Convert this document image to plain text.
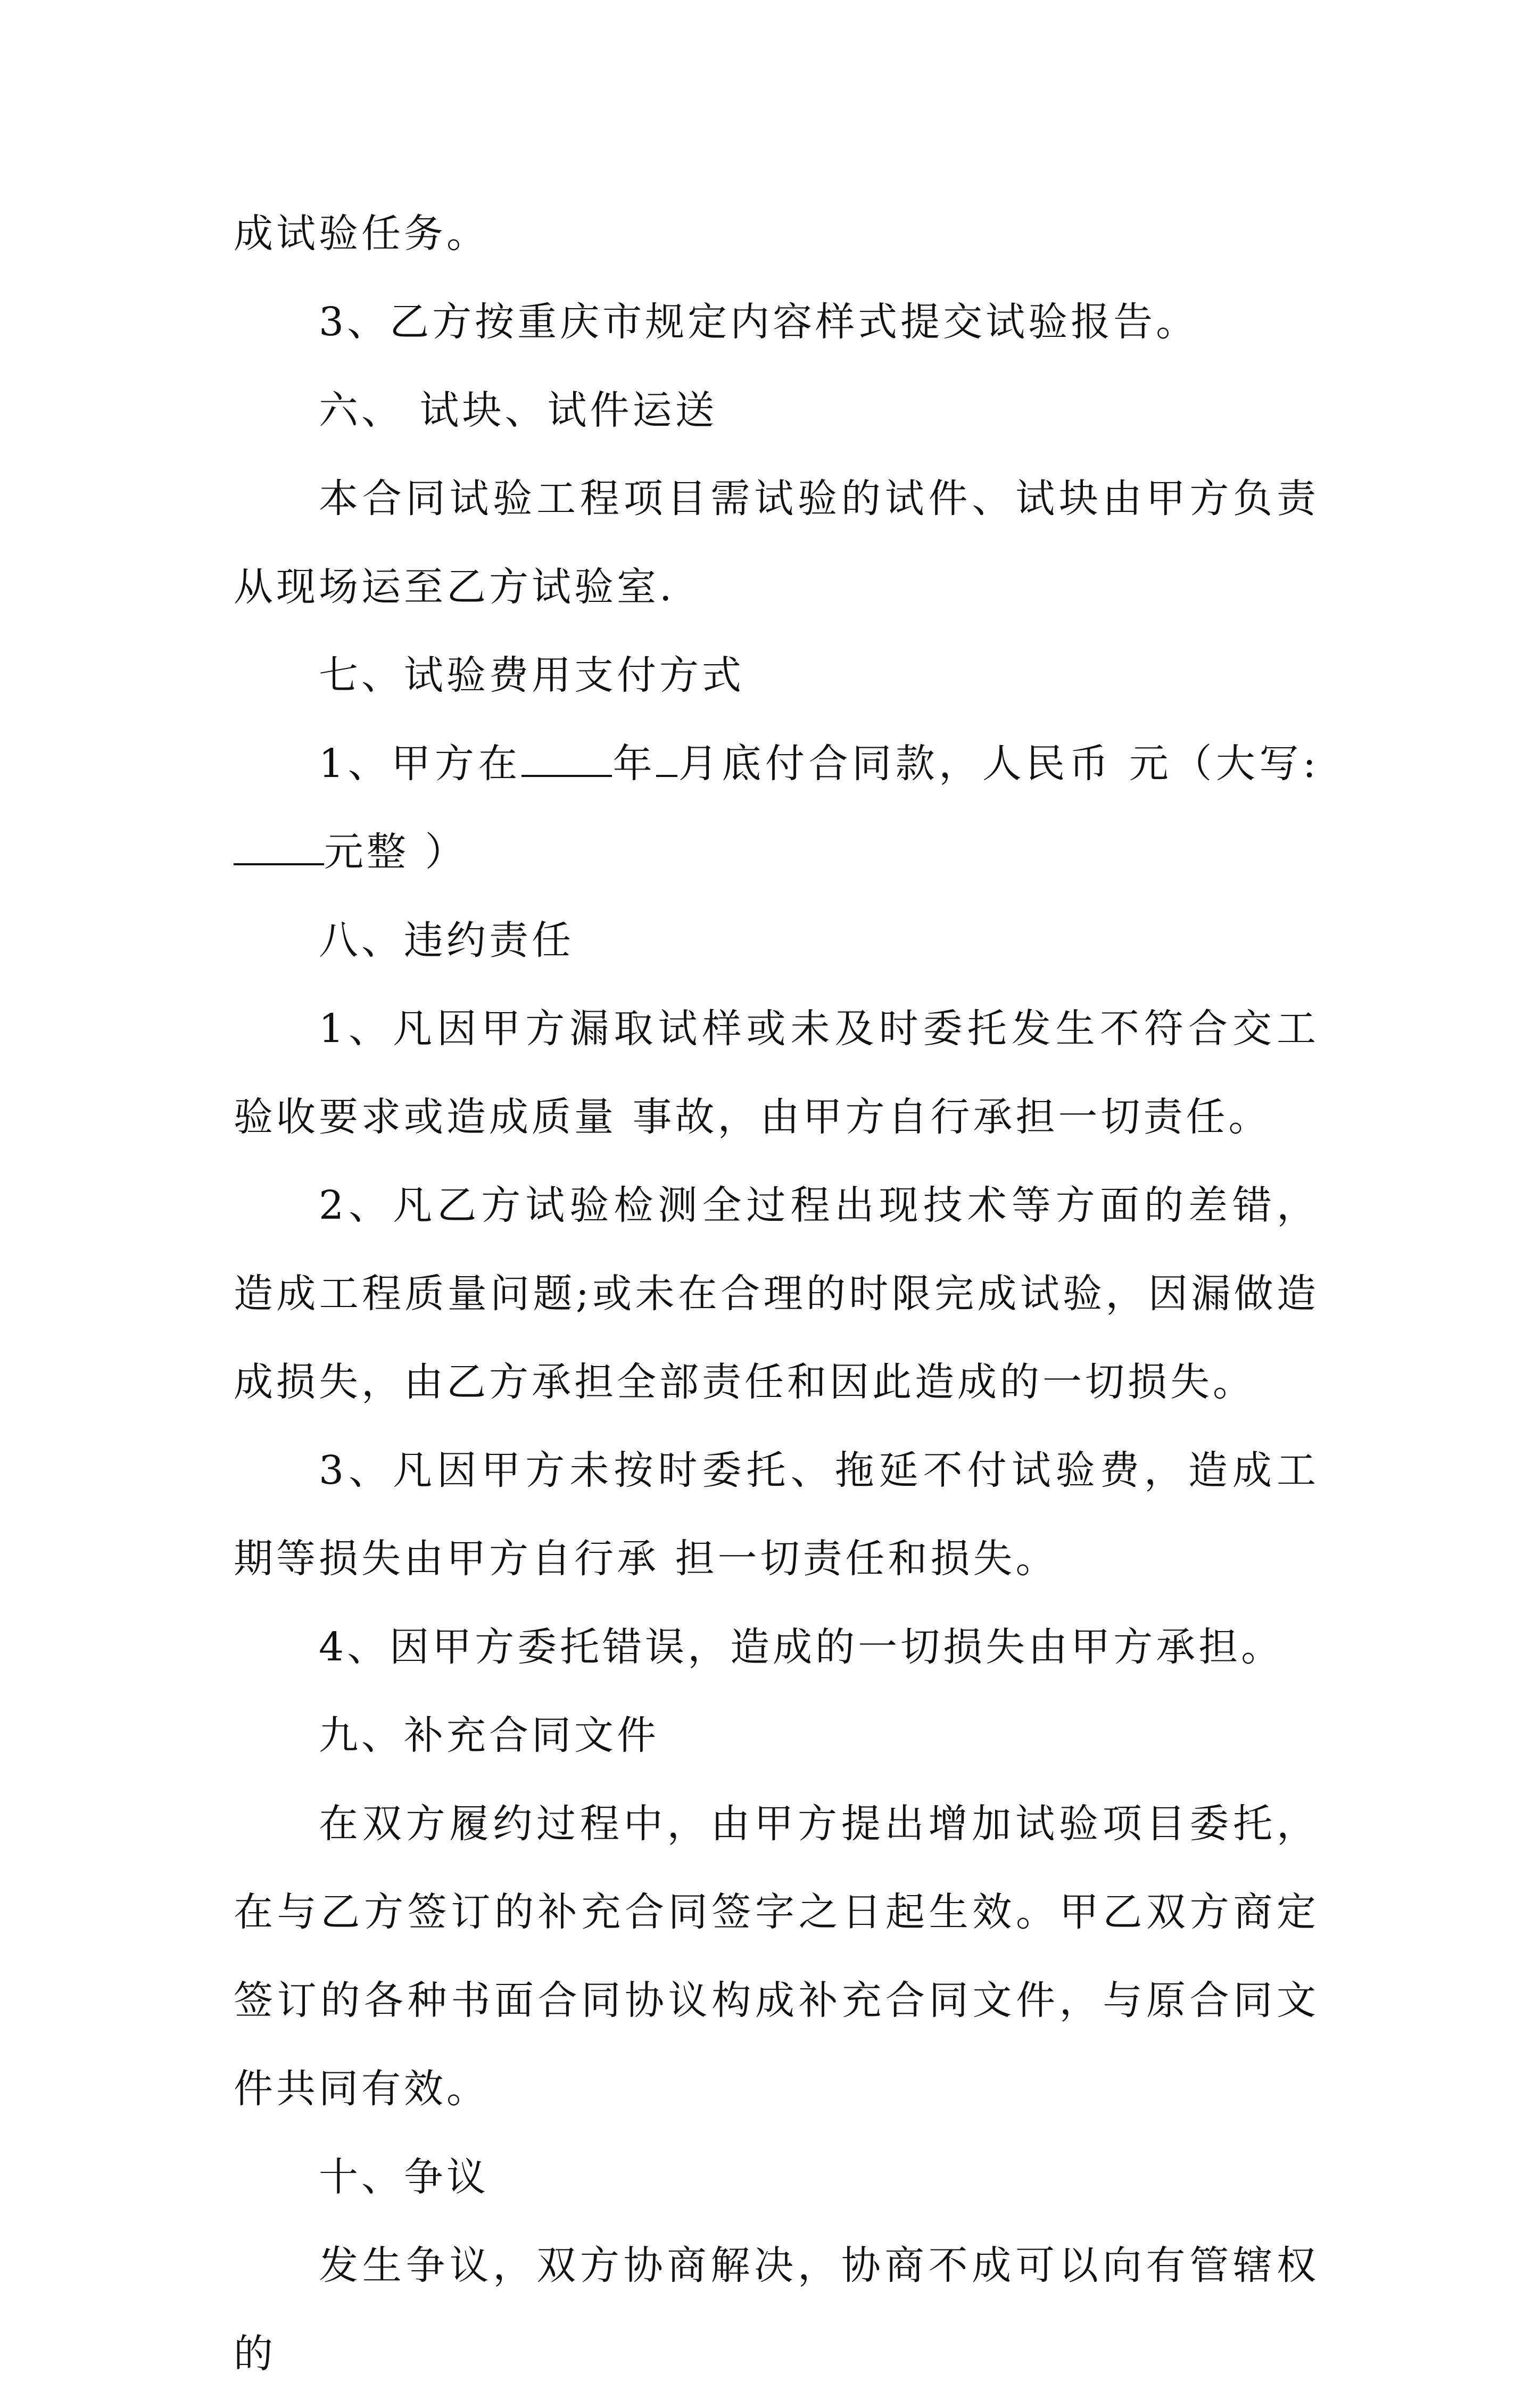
成试验任务。

3、乙方按重庆市规定内容样式提交试验报告。

六、 试块、试件运送

本合同试验工程项目需试验的试件、试块由甲方负责从现场运至乙方试验室.

七、试验费用支付方式

1、甲方在 年 月底付合同款，人民币 元（大写:元整 ）

八、违约责任

1、凡因甲方漏取试样或未及时委托发生不符合交工验收要求或造成质量 事故，由甲方自行承担一切责任。

2、凡乙方试验检测全过程出现技术等方面的差错，造成工程质量问题;或未在合理的时限完成试验，因漏做造成损失，由乙方承担全部责任和因此造成的一切损失。

3、凡因甲方未按时委托、拖延不付试验费，造成工期等损失由甲方自行承 担一切责任和损失。

4、因甲方委托错误，造成的一切损失由甲方承担。

九、补充合同文件

在双方履约过程中，由甲方提出增加试验项目委托，在与乙方签订的补充合同签字之日起生效。甲乙双方商定签订的各种书面合同协议构成补充合同文件，与原合同文件共同有效。

十、争议

发生争议，双方协商解决，协商不成可以向有管辖权的
